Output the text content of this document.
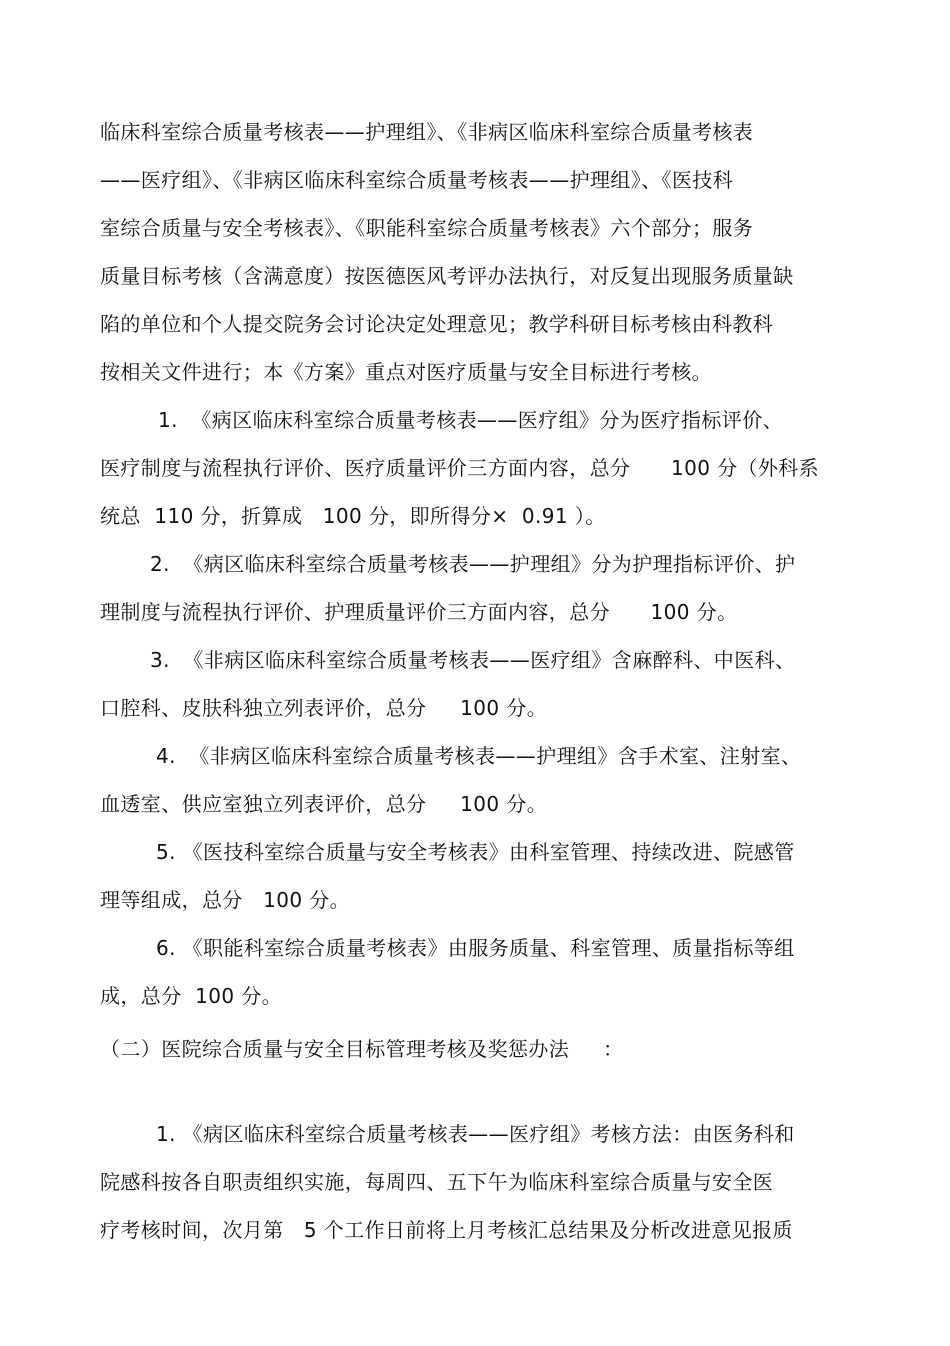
临床科室综合质量考核表——护理组》、《非病区临床科室综合质量考核表
——医疗组》、《非病区临床科室综合质量考核表——护理组》、《医技科
室综合质量与安全考核表》、《职能科室综合质量考核表》六个部分；服务
质量目标考核（含满意度）按医德医风考评办法执行，对反复出现服务质量缺
陷的单位和个人提交院务会讨论决定处理意见；教学科研目标考核由科教科
按相关文件进行；本《方案》重点对医疗质量与安全目标进行考核。
1.  《病区临床科室综合质量考核表——医疗组》分为医疗指标评价、
医疗制度与流程执行评价、医疗质量评价三方面内容，总分      100 分（外科系
统总  110 分，折算成   100 分，即所得分×  0.91 ）。
2.  《病区临床科室综合质量考核表——护理组》分为护理指标评价、护
理制度与流程执行评价、护理质量评价三方面内容，总分      100 分。
3.  《非病区临床科室综合质量考核表——医疗组》含麻醉科、中医科、
口腔科、皮肤科独立列表评价，总分     100 分。
4.  《非病区临床科室综合质量考核表——护理组》含手术室、注射室、
血透室、供应室独立列表评价，总分     100 分。
5. 《医技科室综合质量与安全考核表》由科室管理、持续改进、院感管
理等组成，总分   100 分。
6. 《职能科室综合质量考核表》由服务质量、科室管理、质量指标等组
成，总分  100 分。
（二）医院综合质量与安全目标管理考核及奖惩办法     ：
1. 《病区临床科室综合质量考核表——医疗组》考核方法：由医务科和
院感科按各自职责组织实施，每周四、五下午为临床科室综合质量与安全医
疗考核时间，次月第   5 个工作日前将上月考核汇总结果及分析改进意见报质
